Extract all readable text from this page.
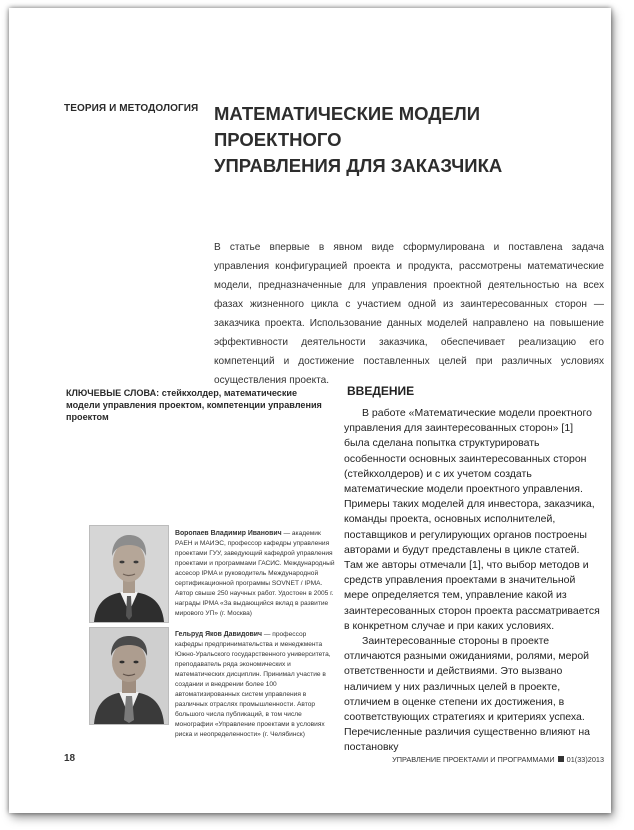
ТЕОРИЯ И МЕТОДОЛОГИЯ МАТЕМАТИЧЕСКИЕ МОДЕЛИ ПРОЕКТНОГО
УПРАВЛЕНИЯ ДЛЯ ЗАКАЗЧИКА
В статье впервые в явном виде сформулирована и поставлена задача управления конфигурацией проекта и продукта, рассмотрены математические модели, предназначенные для управления проектной деятельностью на всех фазах жизненного цикла с участием одной из заинтересованных сторон — заказчика проекта. Использование данных моделей направлено на повышение эффективности деятельности заказчика, обеспечивает реализацию его компетенций и достижение поставленных целей при различных условиях осуществления проекта.
КЛЮЧЕВЫЕ СЛОВА: стейкхолдер, математические модели управления проектом, компетенции управления проектом
ВВЕДЕНИЕ

В работе «Математические модели проектного управления для заинтересованных сторон» [1] была сделана попытка структурировать особенности основных заинтересованных сторон (стейкхолдеров) и с их учетом создать математические модели проектного управления. Примеры таких моделей для инвестора, заказчика, команды проекта, основных исполнителей, поставщиков и регулирующих органов построены авторами и будут представлены в цикле статей. Там же авторы отмечали [1], что выбор методов и средств управления проектами в значительной мере определяется тем, управление какой из заинтересованных сторон проекта рассматривается в конкретном случае и при каких условиях.

Заинтересованные стороны в проекте отличаются разными ожиданиями, ролями, мерой ответственности и действиями. Это вызвано наличием у них различных целей в проекте, отличием в оценке степени их достижения, в соответствующих стратегиях и критериях успеха. Перечисленные различия существенно влияют на постановку

Воропаев Владимир Иванович — академик РАЕН и МАИЭС, профессор кафедры управления проектами ГУУ, заведующий кафедрой управления проектами и программами ГАСИС. Международный ассесор IPMA и руководитель Международной сертификационной программы SOVNET / IPMA. Автор свыше 250 научных работ. Удостоен в 2005 г. награды IPMA «За выдающийся вклад в развитие мирового УП» (г. Москва)
Гельруд Яков Давидович — профессор кафедры предпринимательства и менеджмента Южно-Уральского государственного университета, преподаватель ряда экономических и математических дисциплин. Принимал участие в создании и внедрении более 100 автоматизированных систем управления в различных отраслях промышленности. Автор большого числа публикаций, в том числе монографии «Управление проектами в условиях риска и неопределенности» (г. Челябинск)
18	УПРАВЛЕНИЕ ПРОЕКТАМИ И ПРОГРАММАМИ 01(33)2013
